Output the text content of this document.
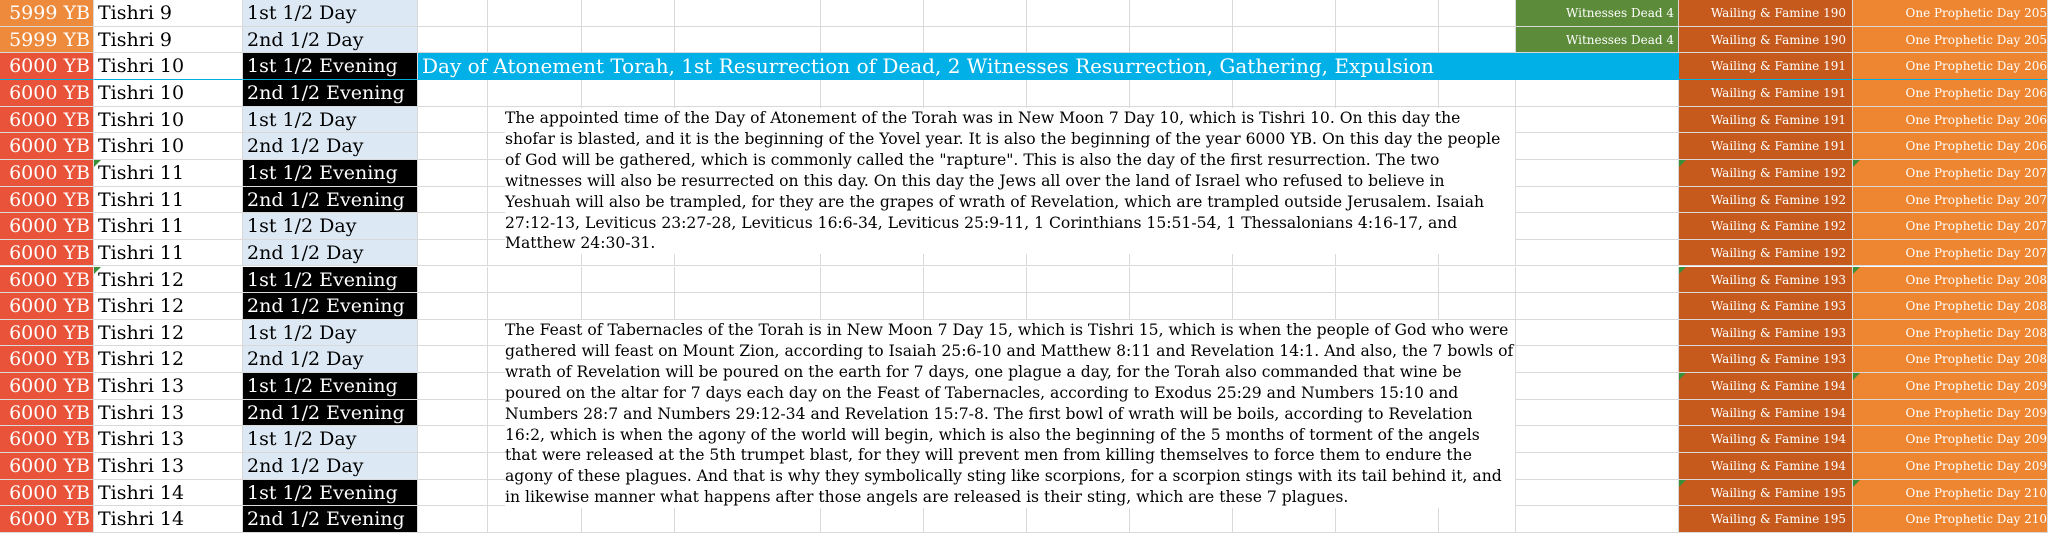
5999 YB Tishri 9	1st 1/2 Day	Witnesses Dead 4	Wailing & Famine 190	One Prophetic Day 205
5999 YB Tishri 9	2nd 1/2 Day	Witnesses Dead 4	Wailing & Famine 190	One Prophetic Day 205
6000 YB Tishri 10	1st 1/2 Evening	Wailing & Famine 191	One Prophetic Day 206
Day of Atonement Torah, 1st Resurrection of Dead, 2 Witnesses Resurrection, Gathering, Expulsion
6000 YB Tishri 10	2nd 1/2 Evening	Wailing & Famine 191	One Prophetic Day 206
6000 YB Tishri 10	1st 1/2 Day	Wailing & Famine 191	One Prophetic Day 206
6000 YB Tishri 10	2nd 1/2 Day	Wailing & Famine 191	One Prophetic Day 206
6000 YB Tishri 11	1st 1/2 Evening	Wailing & Famine 192	One Prophetic Day 207
6000 YB Tishri 11	2nd 1/2 Evening	Wailing & Famine 192	One Prophetic Day 207
6000 YB Tishri 11	1st 1/2 Day	Wailing & Famine 192	One Prophetic Day 207
6000 YB Tishri 11	2nd 1/2 Day	Wailing & Famine 192	One Prophetic Day 207
6000 YB Tishri 12	1st 1/2 Evening	Wailing & Famine 193	One Prophetic Day 208
6000 YB Tishri 12	2nd 1/2 Evening	Wailing & Famine 193	One Prophetic Day 208
6000 YB Tishri 12	1st 1/2 Day	Wailing & Famine 193	One Prophetic Day 208
6000 YB Tishri 12	2nd 1/2 Day	Wailing & Famine 193	One Prophetic Day 208
6000 YB Tishri 13	1st 1/2 Evening	Wailing & Famine 194	One Prophetic Day 209
6000 YB Tishri 13	2nd 1/2 Evening	Wailing & Famine 194	One Prophetic Day 209
6000 YB Tishri 13	1st 1/2 Day	Wailing & Famine 194	One Prophetic Day 209
6000 YB Tishri 13	2nd 1/2 Day	Wailing & Famine 194	One Prophetic Day 209
6000 YB Tishri 14	1st 1/2 Evening	Wailing & Famine 195	One Prophetic Day 210
6000 YB Tishri 14	2nd 1/2 Evening	Wailing & Famine 195	One Prophetic Day 210
The appointed time of the Day of Atonement of the Torah was in New Moon 7 Day 10, which is Tishri 10. On this day the shofar is blasted, and it is the beginning of the Yovel year. It is also the beginning of the year 6000 YB. On this day the people of God will be gathered, which is commonly called the "rapture". This is also the day of the first resurrection. The two witnesses will also be resurrected on this day. On this day the Jews all over the land of Israel who refused to believe in Yeshuah will also be trampled, for they are the grapes of wrath of Revelation, which are trampled outside Jerusalem. Isaiah 27:12-13, Leviticus 23:27-28, Leviticus 16:6-34, Leviticus 25:9-11, 1 Corinthians 15:51-54, 1 Thessalonians 4:16-17, and Matthew 24:30-31.
The Feast of Tabernacles of the Torah is in New Moon 7 Day 15, which is Tishri 15, which is when the people of God who were gathered will feast on Mount Zion, according to Isaiah 25:6-10 and Matthew 8:11 and Revelation 14:1. And also, the 7 bowls of wrath of Revelation will be poured on the earth for 7 days, one plague a day, for the Torah also commanded that wine be poured on the altar for 7 days each day on the Feast of Tabernacles, according to Exodus 25:29 and Numbers 15:10 and Numbers 28:7 and Numbers 29:12-34 and Revelation 15:7-8. The first bowl of wrath will be boils, according to Revelation 16:2, which is when the agony of the world will begin, which is also the beginning of the 5 months of torment of the angels that were released at the 5th trumpet blast, for they will prevent men from killing themselves to force them to endure the agony of these plagues. And that is why they symbolically sting like scorpions, for a scorpion stings with its tail behind it, and in likewise manner what happens after those angels are released is their sting, which are these 7 plagues.
